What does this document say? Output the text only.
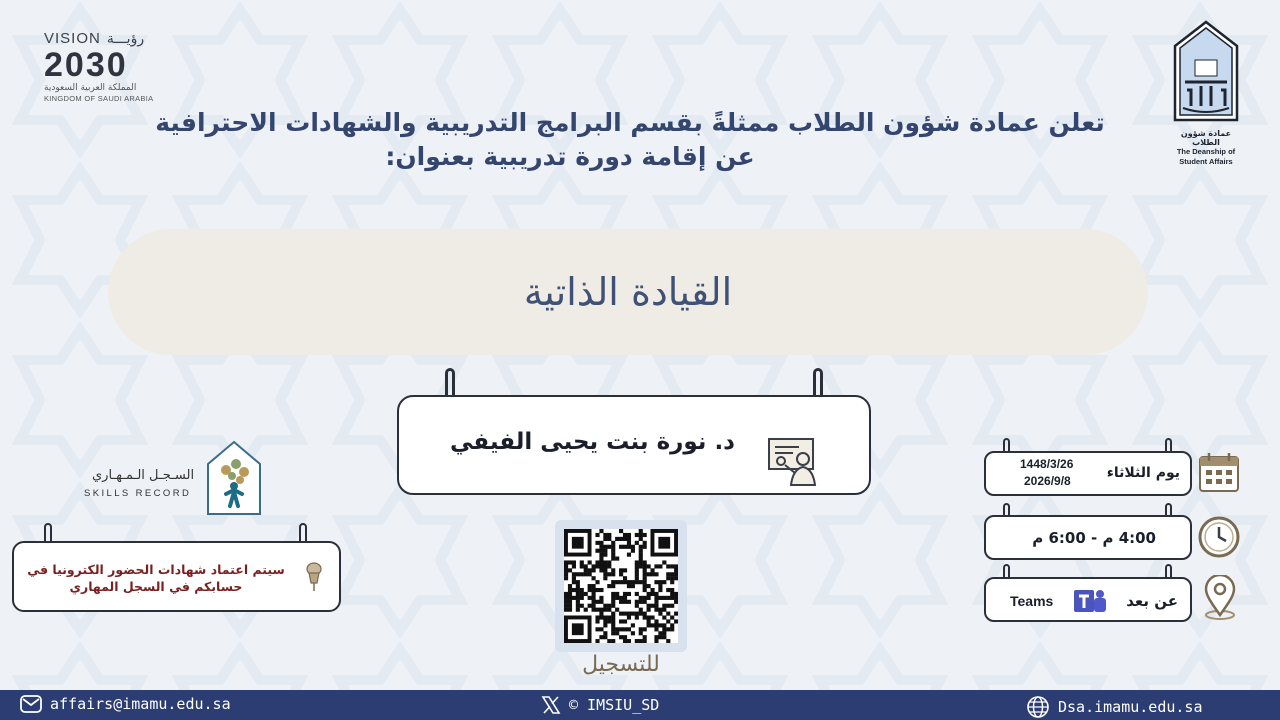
VISION رؤيـــة
2030
المملكة العربية السعودية
KINGDOM OF SAUDI ARABIA
عمادة شؤون الطلاب
The Deanship of
Student Affairs
تعلن عمادة شؤون الطلاب ممثلةً بقسم البرامج التدريبية والشهادات الاحترافية
عن إقامة دورة تدريبية بعنوان:
القيادة الذاتية
د. نورة بنت يحيى الفيفي
للتسجيل
السـجـل الـمـهـاري
SKILLS RECORD
سيتم اعتماد شهادات الحضور الكترونيا في حسابكم في السجل المهاري
يوم الثلاثاء
1448/3/26
2026/9/8
4:00 م - 6:00 م
عن بعد
Teams
affairs@imamu.edu.sa	© IMSIU_SD	Dsa.imamu.edu.sa
